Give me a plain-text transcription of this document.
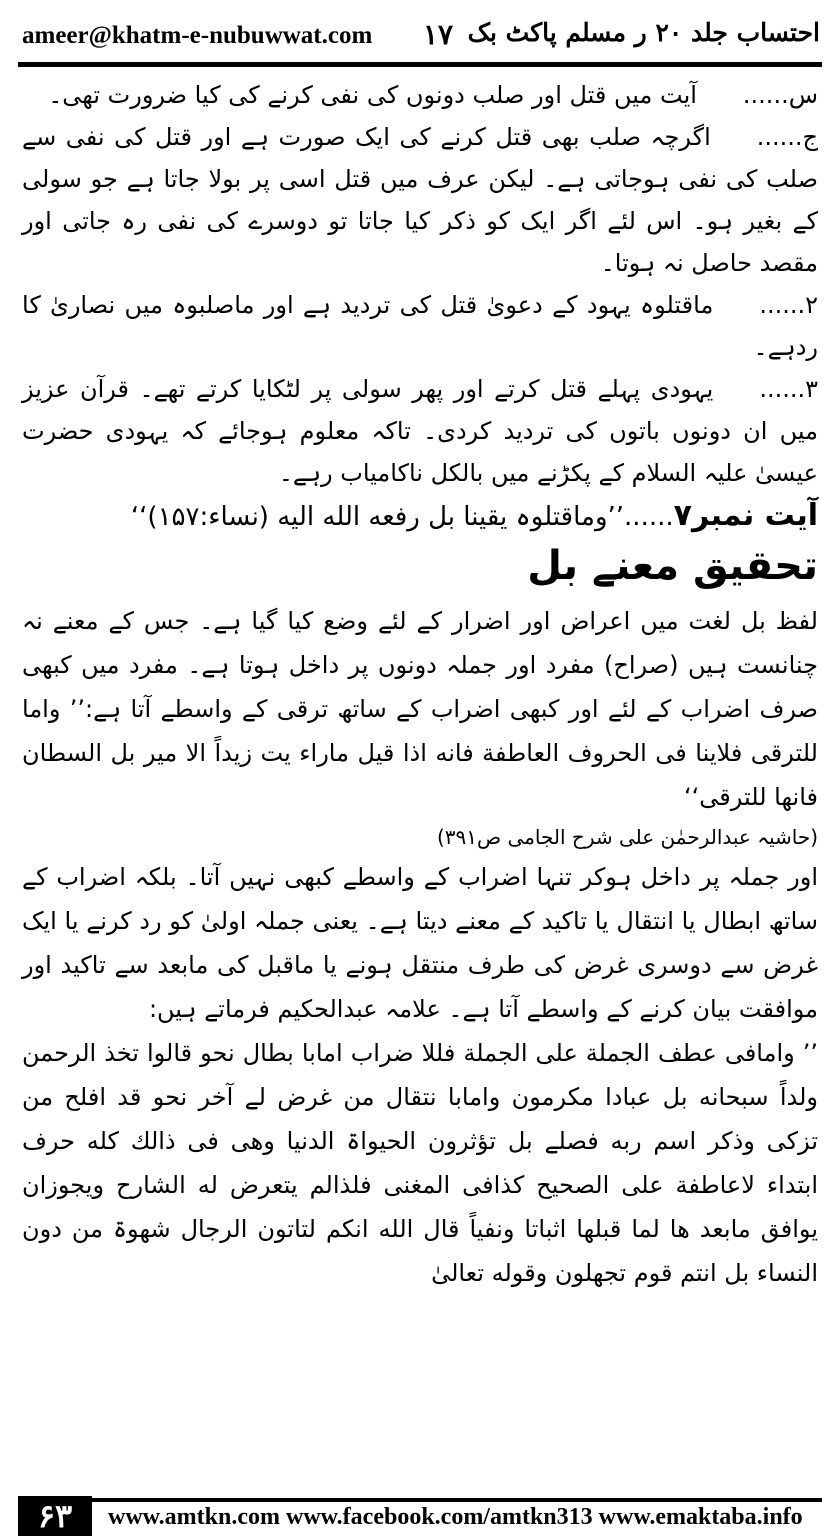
ameer@khatm-e-nubuwwat.com ۱۷ احتساب جلد ۲۰ ر مسلم پاکٹ بک

س......آیت میں قتل اور صلب دونوں کی نفی کرنے کی کیا ضرورت تھی۔

ج......اگرچہ صلب بھی قتل کرنے کی ایک صورت ہے اور قتل کی نفی سے صلب کی نفی ہوجاتی ہے۔ لیکن عرف میں قتل اسی پر بولا جاتا ہے جو سولی کے بغیر ہو۔ اس لئے اگر ایک کو ذکر کیا جاتا تو دوسرے کی نفی رہ جاتی اور مقصد حاصل نہ ہوتا۔

۲......ماقتلوہ یہود کے دعویٰ قتل کی تردید ہے اور ماصلبوہ میں نصاریٰ کا ردہے۔

۳......یہودی پہلے قتل کرتے اور پھر سولی پر لٹکایا کرتے تھے۔ قرآن عزیز میں ان دونوں باتوں کی تردید کردی۔ تاکہ معلوم ہوجائے کہ یہودی حضرت عیسیٰ علیہ السلام کے پکڑنے میں بالکل ناکامیاب رہے۔

آیت نمبر۷......’’وماقتلوہ یقینا بل رفعه الله الیه (نساء:۱۵۷)‘‘

تحقیق معنے بل

لفظ بل لغت میں اعراض اور اضرار کے لئے وضع کیا گیا ہے۔ جس کے معنے نہ چنانست ہیں (صراح) مفرد اور جملہ دونوں پر داخل ہوتا ہے۔ مفرد میں کبھی صرف اضراب کے لئے اور کبھی اضراب کے ساتھ ترقی کے واسطے آتا ہے:’’ واما للترقی فلاینا فی الحروف العاطفة فانه اذا قیل ماراء یت زیداً الا میر بل السطان فانها للترقی‘‘

(حاشیہ عبدالرحمٰن علی شرح الجامی ص۳۹۱)

اور جملہ پر داخل ہوکر تنہا اضراب کے واسطے کبھی نہیں آتا۔ بلکہ اضراب کے ساتھ ابطال یا انتقال یا تاکید کے معنے دیتا ہے۔ یعنی جملہ اولیٰ کو رد کرنے یا ایک غرض سے دوسری غرض کی طرف منتقل ہونے یا ماقبل کی مابعد سے تاکید اور موافقت بیان کرنے کے واسطے آتا ہے۔ علامہ عبدالحکیم فرماتے ہیں:

’’ وامافی عطف الجملة علی الجملة فللا ضراب امابا بطال نحو قالوا تخذ الرحمن ولداً سبحانه بل عبادا مکرمون وامابا نتقال من غرض لے آخر نحو قد افلح من تزکی وذکر اسم ربه فصلے بل تؤثرون الحیواۃ الدنیا وهی فی ذالك کله حرف ابتداء لاعاطفة علی الصحیح کذافی المغنی فلذالم یتعرض له الشارح ویجوزان یوافق مابعد ها لما قبلها اثباتا ونفیاً قال الله انکم لتاتون الرجال شهوۃ من دون النساء بل انتم قوم تجهلون وقوله تعالیٰ

۶۳	www.amtkn.com www.facebook.com/amtkn313 www.emaktaba.info
